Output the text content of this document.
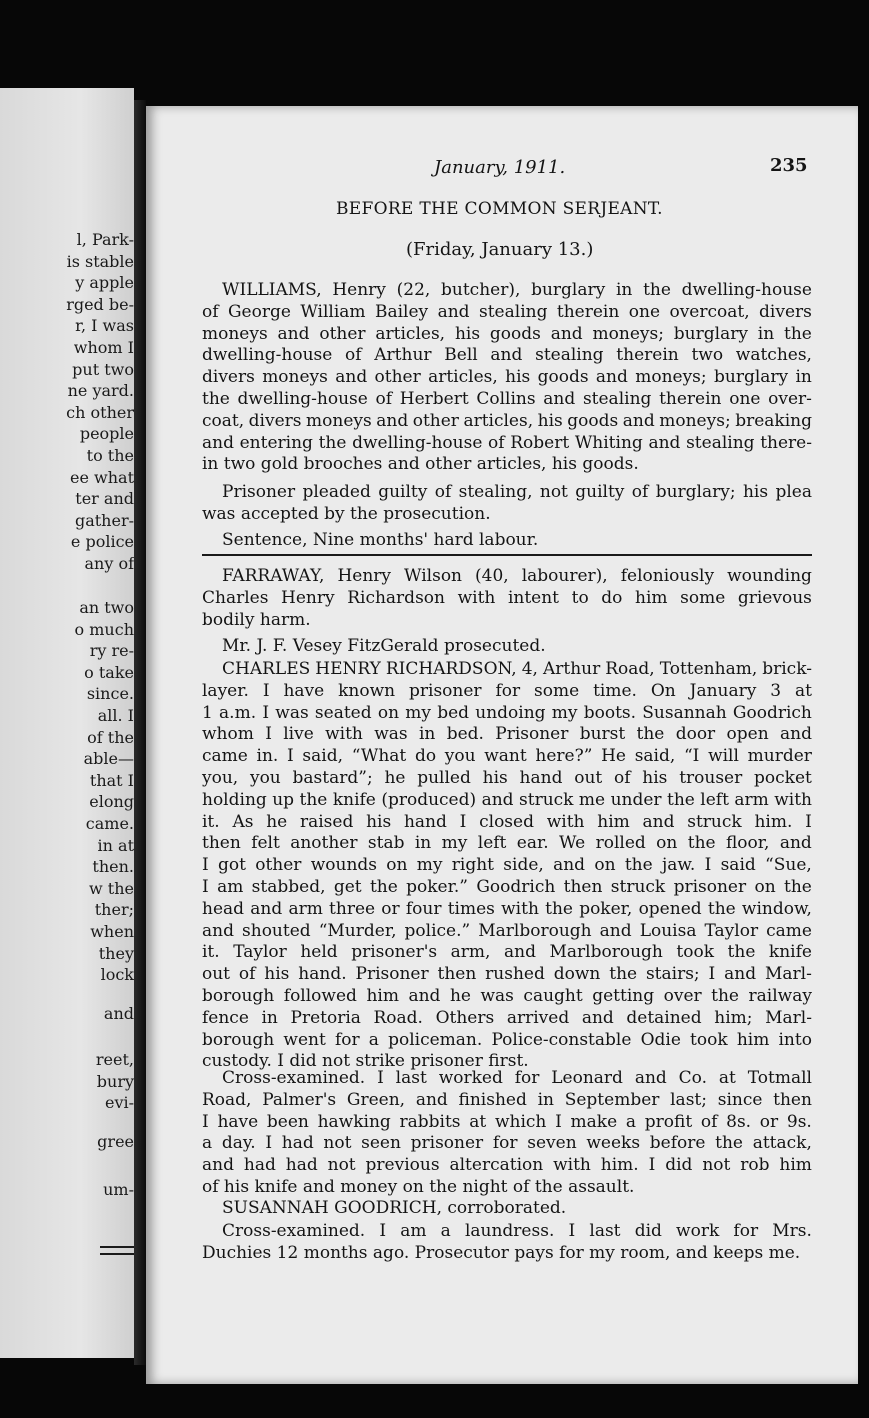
l, Park-

is stable

y apple

rged be-

r, I was

whom I

put two

ne yard.

ch other

people

to the

ee what

ter and

gather-

e police

any of

an two

o much

ry re-

o take

since.

all. I

of the

able—

that I

elong

came.

in at

then.

w the

ther;

when

they

lock

and

reet,

bury

evi-

gree

um-

January, 1911.	235

BEFORE THE COMMON SERJEANT.

(Friday, January 13.)

WILLIAMS, Henry (22, butcher), burglary in the dwelling-house

of George William Bailey and stealing therein one overcoat, divers

moneys and other articles, his goods and moneys; burglary in the

dwelling-house of Arthur Bell and stealing therein two watches,

divers moneys and other articles, his goods and moneys; burglary in

the dwelling-house of Herbert Collins and stealing therein one over-

coat, divers moneys and other articles, his goods and moneys; breaking

and entering the dwelling-house of Robert Whiting and stealing there-

in two gold brooches and other articles, his goods.

Prisoner pleaded guilty of stealing, not guilty of burglary; his plea

was accepted by the prosecution.

Sentence, Nine months' hard labour.

FARRAWAY, Henry Wilson (40, labourer), feloniously wounding

Charles Henry Richardson with intent to do him some grievous

bodily harm.

Mr. J. F. Vesey FitzGerald prosecuted.

CHARLES HENRY RICHARDSON, 4, Arthur Road, Tottenham, brick-

layer. I have known prisoner for some time. On January 3 at

1 a.m. I was seated on my bed undoing my boots. Susannah Goodrich

whom I live with was in bed. Prisoner burst the door open and

came in. I said, “What do you want here?” He said, “I will murder

you, you bastard”; he pulled his hand out of his trouser pocket

holding up the knife (produced) and struck me under the left arm with

it. As he raised his hand I closed with him and struck him. I

then felt another stab in my left ear. We rolled on the floor, and

I got other wounds on my right side, and on the jaw. I said “Sue,

I am stabbed, get the poker.” Goodrich then struck prisoner on the

head and arm three or four times with the poker, opened the window,

and shouted “Murder, police.” Marlborough and Louisa Taylor came

it. Taylor held prisoner's arm, and Marlborough took the knife

out of his hand. Prisoner then rushed down the stairs; I and Marl-

borough followed him and he was caught getting over the railway

fence in Pretoria Road. Others arrived and detained him; Marl-

borough went for a policeman. Police-constable Odie took him into

custody. I did not strike prisoner first.

Cross-examined. I last worked for Leonard and Co. at Totmall

Road, Palmer's Green, and finished in September last; since then

I have been hawking rabbits at which I make a profit of 8s. or 9s.

a day. I had not seen prisoner for seven weeks before the attack,

and had had not previous altercation with him. I did not rob him

of his knife and money on the night of the assault.

SUSANNAH GOODRICH, corroborated.

Cross-examined. I am a laundress. I last did work for Mrs.

Duchies 12 months ago. Prosecutor pays for my room, and keeps me.
